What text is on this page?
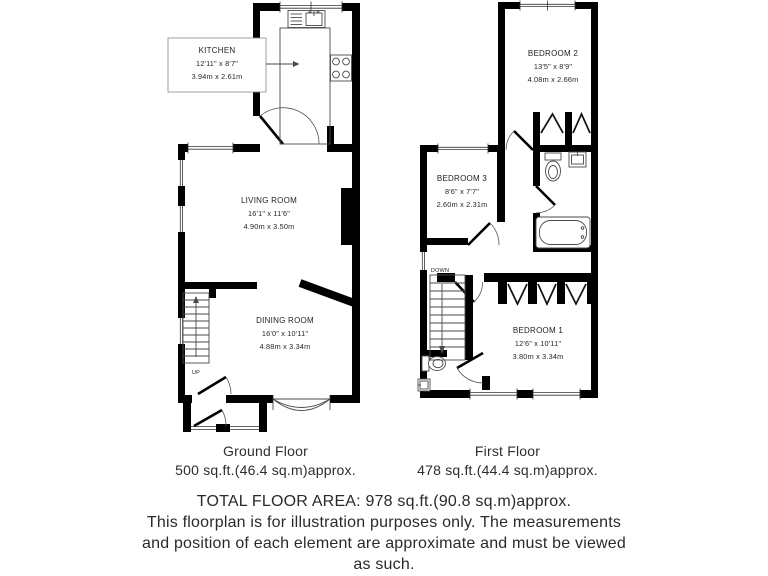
UP
KITCHEN
12'11" x 8'7"
3.94m x 2.61m
LIVING ROOM
16'1" x 11'6"
4.90m x 3.50m
DINING ROOM
16'0" x 10'11"
4.88m x 3.34m
DOWN
BEDROOM 2
13'5" x 8'9"
4.08m x 2.66m
BEDROOM 3
8'6" x 7'7"
2.60m x 2.31m
BEDROOM 1
12'6" x 10'11"
3.80m x 3.34m
Ground Floor
500 sq.ft.(46.4 sq.m)approx.
First Floor
478 sq.ft.(44.4 sq.m)approx.
TOTAL FLOOR AREA: 978 sq.ft.(90.8 sq.m)approx.
This floorplan is for illustration purposes only. The measurements
and position of each element are approximate and must be viewed
as such.
